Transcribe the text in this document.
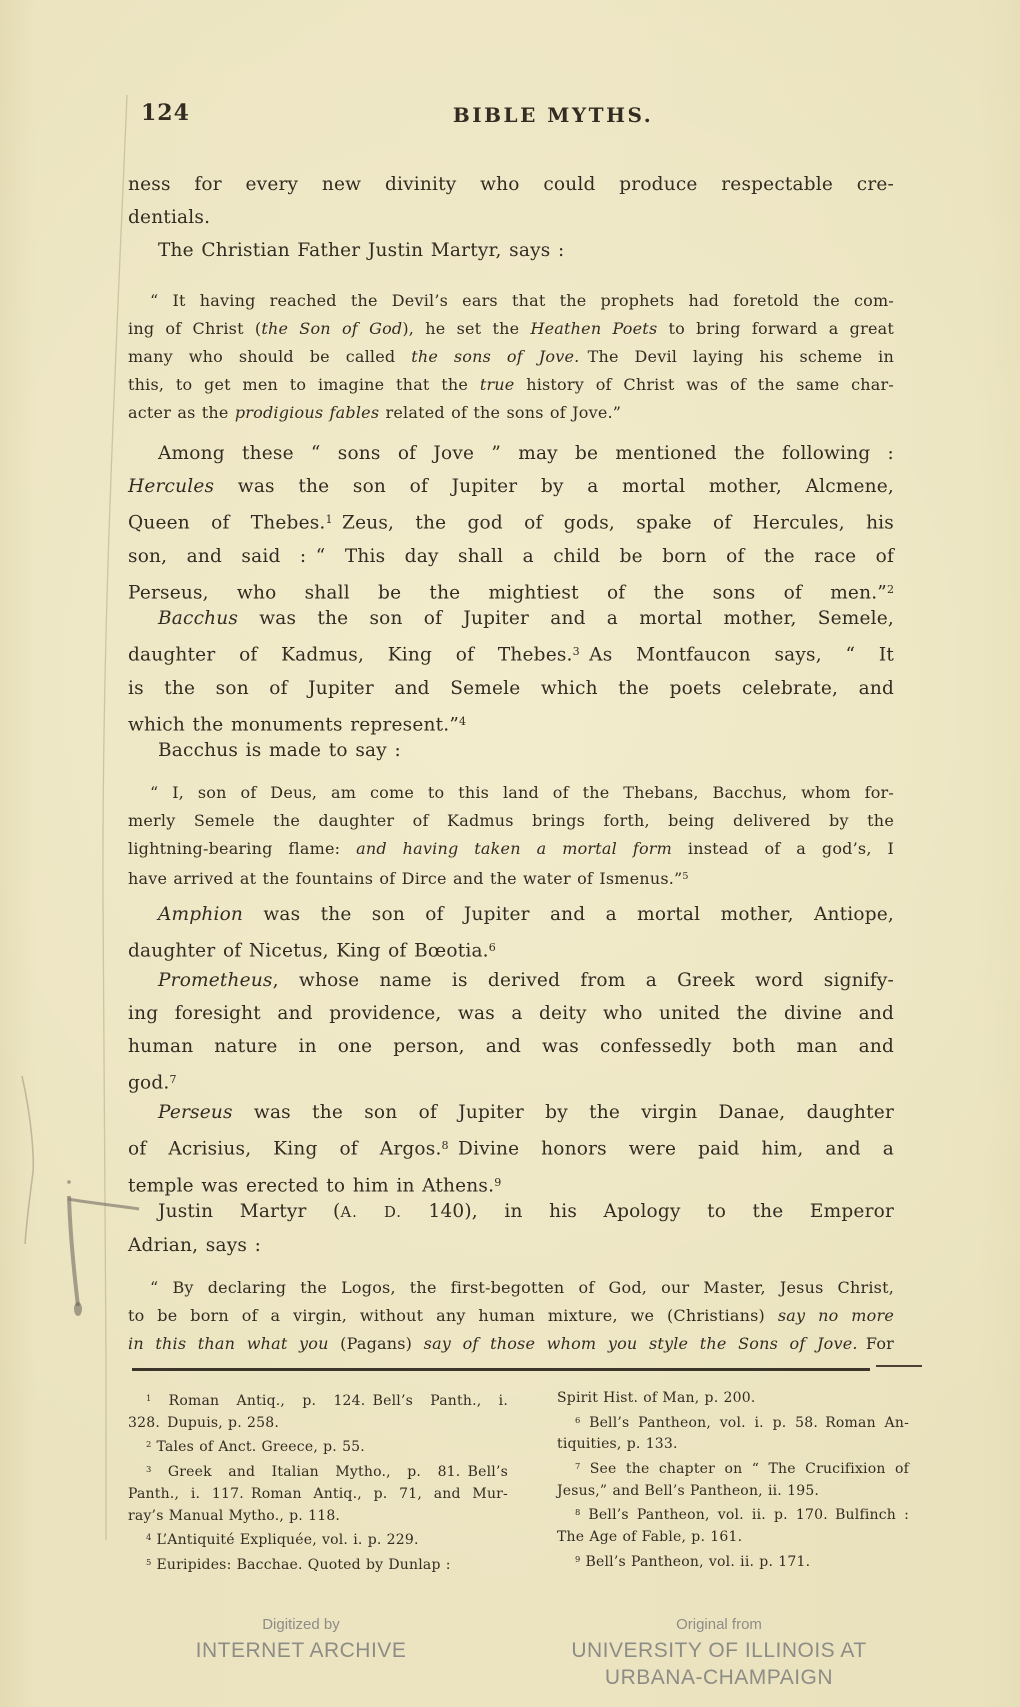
124	BIBLE MYTHS.
ness for every new divinity who could produce respectable cre-
dentials.
The Christian Father Justin Martyr, says :
“ It having reached the Devil’s ears that the prophets had foretold the com-
ing of Christ (the Son of God), he set the Heathen Poets to bring forward a great
many who should be called the sons of Jove. The Devil laying his scheme in
this, to get men to imagine that the true history of Christ was of the same char-
acter as the prodigious fables related of the sons of Jove.”
Among these “ sons of Jove ” may be mentioned the following :
Hercules was the son of Jupiter by a mortal mother, Alcmene,
Queen of Thebes.$^1$ Zeus, the god of gods, spake of Hercules, his
son, and said : “ This day shall a child be born of the race of
Perseus, who shall be the mightiest of the sons of men.”$^2$
Bacchus was the son of Jupiter and a mortal mother, Semele,
daughter of Kadmus, King of Thebes.$^3$ As Montfaucon says, “ It
is the son of Jupiter and Semele which the poets celebrate, and
which the monuments represent.”$^4$
Bacchus is made to say :
“ I, son of Deus, am come to this land of the Thebans, Bacchus, whom for-
merly Semele the daughter of Kadmus brings forth, being delivered by the
lightning-bearing flame: and having taken a mortal form instead of a god’s, I
have arrived at the fountains of Dirce and the water of Ismenus.”$^5$
Amphion was the son of Jupiter and a mortal mother, Antiope,
daughter of Nicetus, King of Bœotia.$^6$
Prometheus, whose name is derived from a Greek word signify-
ing foresight and providence, was a deity who united the divine and
human nature in one person, and was confessedly both man and
god.$^7$
Perseus was the son of Jupiter by the virgin Danae, daughter
of Acrisius, King of Argos.$^8$ Divine honors were paid him, and a
temple was erected to him in Athens.$^9$
Justin Martyr (A. D. 140), in his Apology to the Emperor
Adrian, says :
“ By declaring the Logos, the first-begotten of God, our Master, Jesus Christ,
to be born of a virgin, without any human mixture, we (Christians) say no more
in this than what you (Pagans) say of those whom you style the Sons of Jove. For
$^1$ Roman Antiq., p. 124. Bell’s Panth., i.
328. Dupuis, p. 258.
$^2$ Tales of Anct. Greece, p. 55.
$^3$ Greek and Italian Mytho., p. 81. Bell’s
Panth., i. 117. Roman Antiq., p. 71, and Mur-
ray’s Manual Mytho., p. 118.
$^4$ L’Antiquité Expliquée, vol. i. p. 229.
$^5$ Euripides: Bacchae. Quoted by Dunlap :
Spirit Hist. of Man, p. 200.
$^6$ Bell’s Pantheon, vol. i. p. 58. Roman An-
tiquities, p. 133.
$^7$ See the chapter on “ The Crucifixion of
Jesus,” and Bell’s Pantheon, ii. 195.
$^8$ Bell’s Pantheon, vol. ii. p. 170. Bulfinch :
The Age of Fable, p. 161.
$^9$ Bell’s Pantheon, vol. ii. p. 171.
Digitized by
INTERNET ARCHIVE
Original from
UNIVERSITY OF ILLINOIS AT
URBANA-CHAMPAIGN
